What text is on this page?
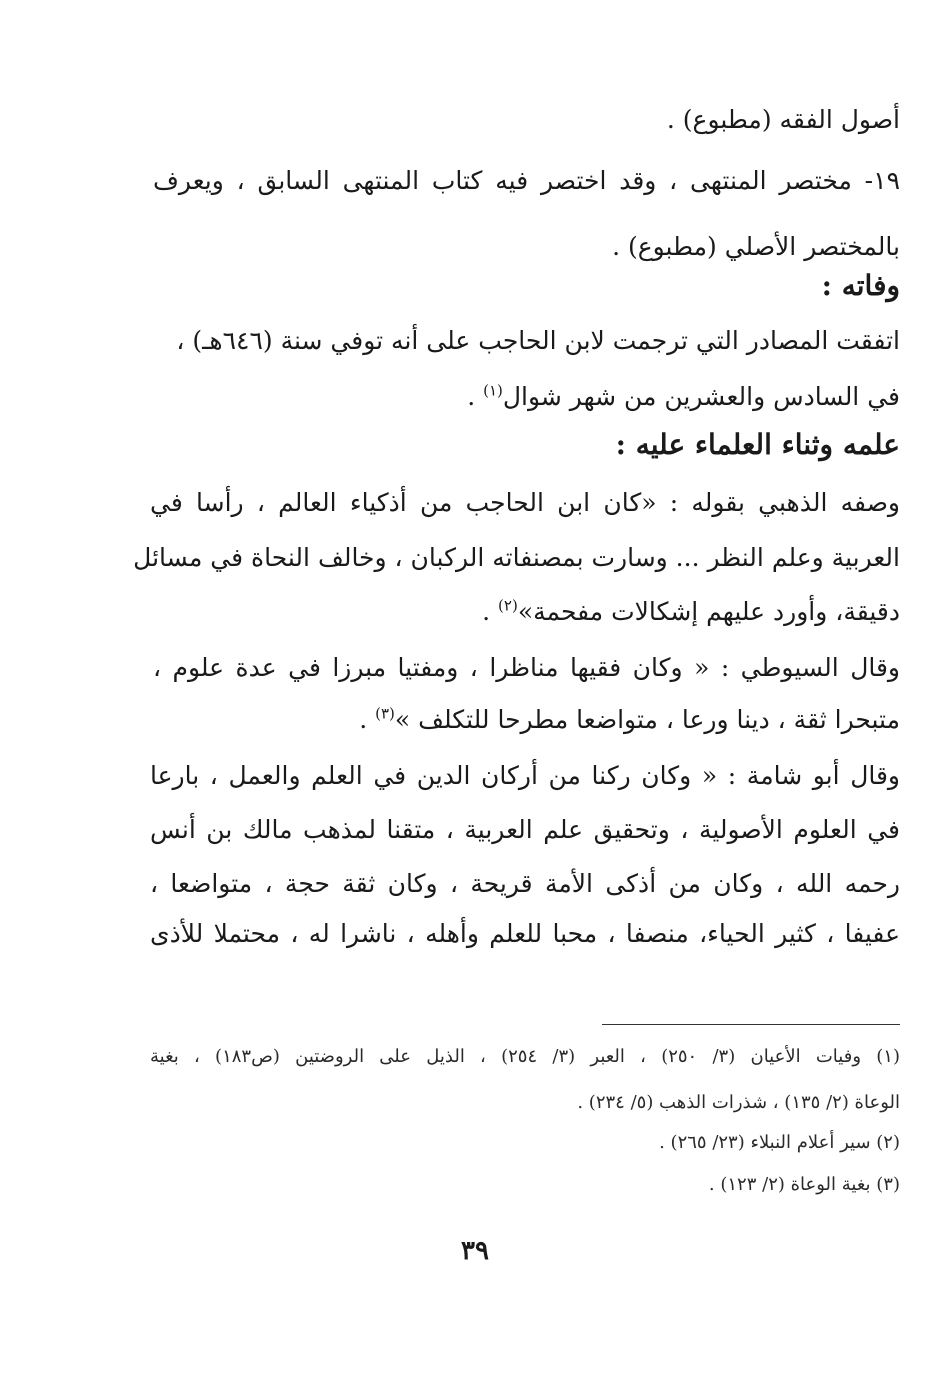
أصول الفقه (مطبوع) .
١٩- مختصر المنتهى ، وقد اختصر فيه كتاب المنتهى السابق ، ويعرف
بالمختصر الأصلي (مطبوع) .
وفاته :
اتفقت المصادر التي ترجمت لابن الحاجب على أنه توفي سنة (٦٤٦هـ) ،
في السادس والعشرين من شهر شوال$^{(١)}$ .
علمه وثناء العلماء عليه :
وصفه الذهبي بقوله : «كان ابن الحاجب من أذكياء العالم ، رأسا في
العربية وعلم النظر ... وسارت بمصنفاته الركبان ، وخالف النحاة في مسائل
دقيقة، وأورد عليهم إشكالات مفحمة»$^{(٢)}$ .
وقال السيوطي : « وكان فقيها مناظرا ، ومفتيا مبرزا في عدة علوم ،
متبحرا ثقة ، دينا ورعا ، متواضعا مطرحا للتكلف »$^{(٣)}$ .
وقال أبو شامة : « وكان ركنا من أركان الدين في العلم والعمل ، بارعا
في العلوم الأصولية ، وتحقيق علم العربية ، متقنا لمذهب مالك بن أنس
رحمه الله ، وكان من أذكى الأمة قريحة ، وكان ثقة حجة ، متواضعا ،
عفيفا ، كثير الحياء، منصفا ، محبا للعلم وأهله ، ناشرا له ، محتملا للأذى
(١) وفيات الأعيان (٣/ ٢٥٠) ، العبر (٣/ ٢٥٤) ، الذيل على الروضتين (ص١٨٣) ، بغية
الوعاة (٢/ ١٣٥) ، شذرات الذهب (٥/ ٢٣٤) .
(٢) سير أعلام النبلاء (٢٣/ ٢٦٥) .
(٣) بغية الوعاة (٢/ ١٢٣) .
٣٩
